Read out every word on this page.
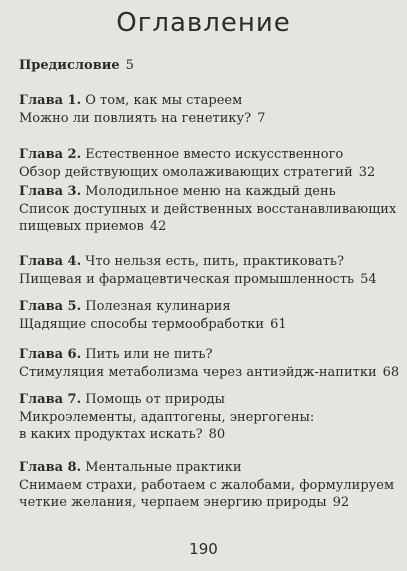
Оглавление
Предисловие 5
Глава 1.
О том, как мы стареем
Можно ли повлиять на генетику? 7
Глава 2.
Естественное вместо искусственного
Обзор действующих омолаживающих стратегий 32
Глава 3.
Молодильное меню на каждый день
Список доступных и действенных восстанавливающих
пищевых приемов 42
Глава 4.
Что нельзя есть, пить, практиковать?
Пищевая и фармацевтическая промышленность 54
Глава 5.
Полезная кулинария
Щадящие способы термообработки 61
Глава 6.
Пить или не пить?
Стимуляция метаболизма через антиэйдж-напитки 68
Глава 7.
Помощь от природы
Микроэлементы, адаптогены, энергогены:
в каких продуктах искать? 80
Глава 8.
Ментальные практики
Снимаем страхи, работаем с жалобами, формулируем
четкие желания, черпаем энергию природы 92
190
